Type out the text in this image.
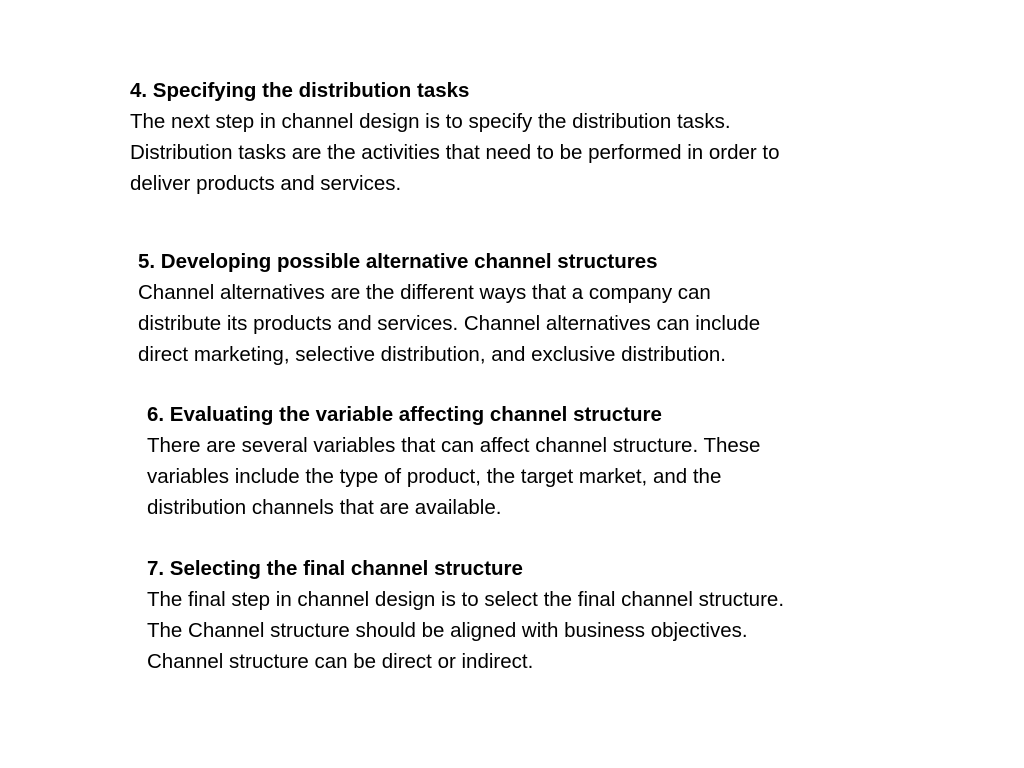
4. Specifying the distribution tasks
The next step in channel design is to specify the distribution tasks.
Distribution tasks are the activities that need to be performed in order to
deliver products and services.
5. Developing possible alternative channel structures
Channel alternatives are the different ways that a company can
distribute its products and services. Channel alternatives can include
direct marketing, selective distribution, and exclusive distribution.
6. Evaluating the variable affecting channel structure
There are several variables that can affect channel structure. These
variables include the type of product, the target market, and the
distribution channels that are available.
7. Selecting the final channel structure
The final step in channel design is to select the final channel structure.
The Channel structure should be aligned with business objectives.
Channel structure can be direct or indirect.
